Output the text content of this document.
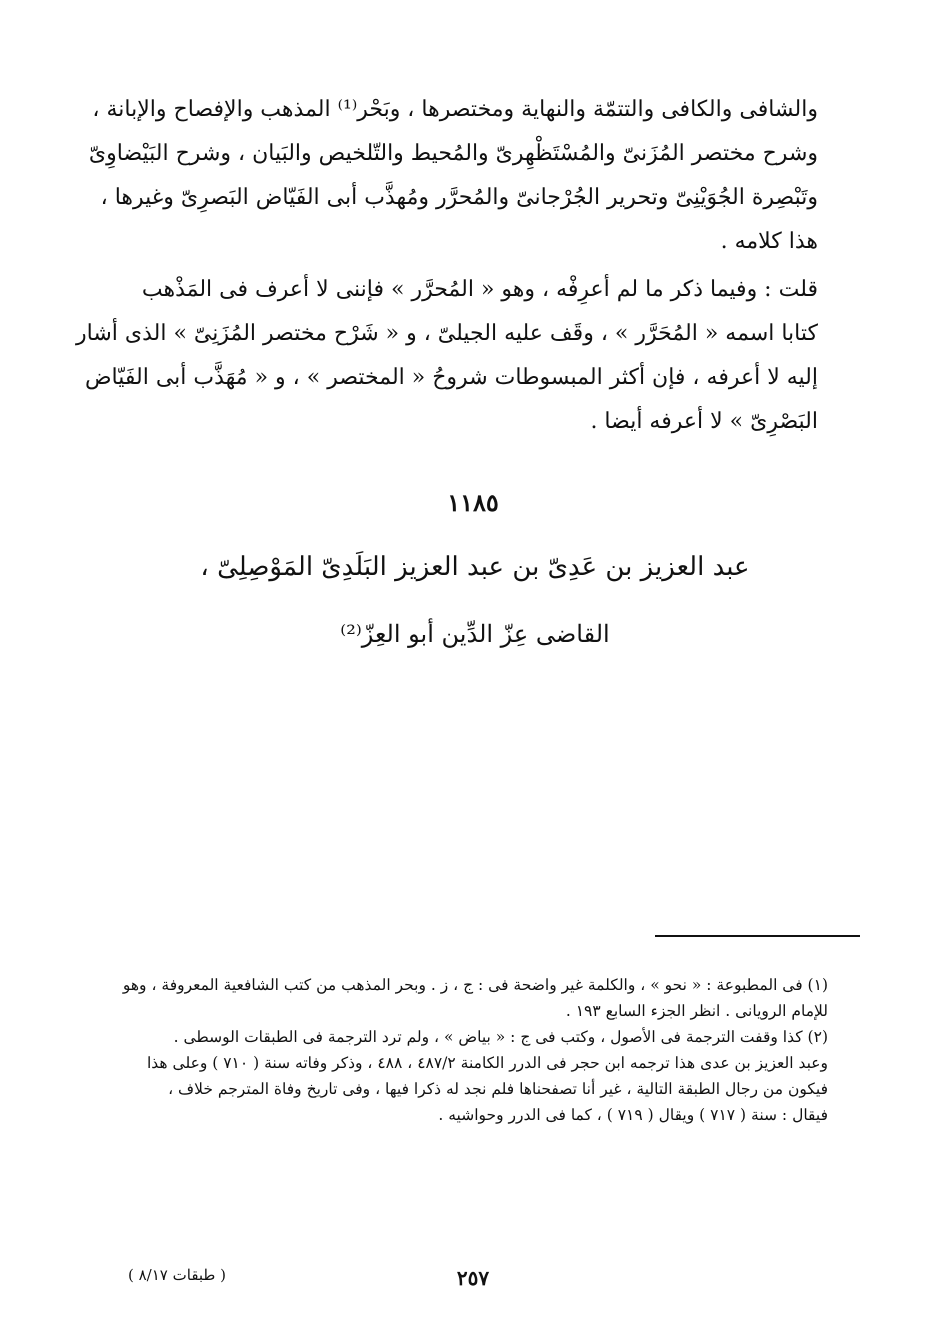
والشافى والكافى والتتمّة والنهاية ومختصرها ، وبَحْر⁽¹⁾ المذهب والإفصاح والإبانة ،
وشرح مختصر المُزَنىّ والمُسْتَظْهِرىّ والمُحيط والتّلخيص والبَيان ، وشرح البَيْضاوِىّ
وتَبْصِرة الجُوَيْنِىّ وتحرير الجُرْجانىّ والمُحرَّر ومُهذَّب أبى الفَيّاض البَصرِىّ وغيرها ،
هذا كلامه .
قلت : وفيما ذكر ما لم أعرِفْه ، وهو « المُحرَّر » فإننى لا أعرف فى المَذْهب
كتابا اسمه « المُحَرَّر » ، وقَف عليه الجيلىّ ، و « شَرْح مختصر المُزَنِىّ » الذى أشار
إليه لا أعرفه ، فإن أكثر المبسوطات شروحُ « المختصر » ، و « مُهَذَّب أبى الفَيّاض
البَصْرِىّ » لا أعرفه أيضا .
١١٨٥
عبد العزيز بن عَدِىّ بن عبد العزيز البَلَدِىّ المَوْصِلِىّ ،
القاضى عِزّ الدِّين أبو العِزّ⁽²⁾
(١) فى المطبوعة : « نحو » ، والكلمة غير واضحة فى : ج ، ز . وبحر المذهب من كتب الشافعية المعروفة ، وهو
للإمام الرويانى . انظر الجزء السابع ١٩٣ .
(٢) كذا وقفت الترجمة فى الأصول ، وكتب فى ج : « بياض » ، ولم ترد الترجمة فى الطبقات الوسطى .
وعبد العزيز بن عدى هذا ترجمه ابن حجر فى الدرر الكامنة ٤٨٧/٢ ، ٤٨٨ ، وذكر وفاته سنة ( ٧١٠ ) وعلى هذا
فيكون من رجال الطبقة التالية ، غير أنا تصفحناها فلم نجد له ذكرا فيها ، وفى تاريخ وفاة المترجم خلاف ،
فيقال : سنة ( ٧١٧ ) ويقال ( ٧١٩ ) ، كما فى الدرر وحواشيه .
٢٥٧
( طبقات ٨/١٧ )
